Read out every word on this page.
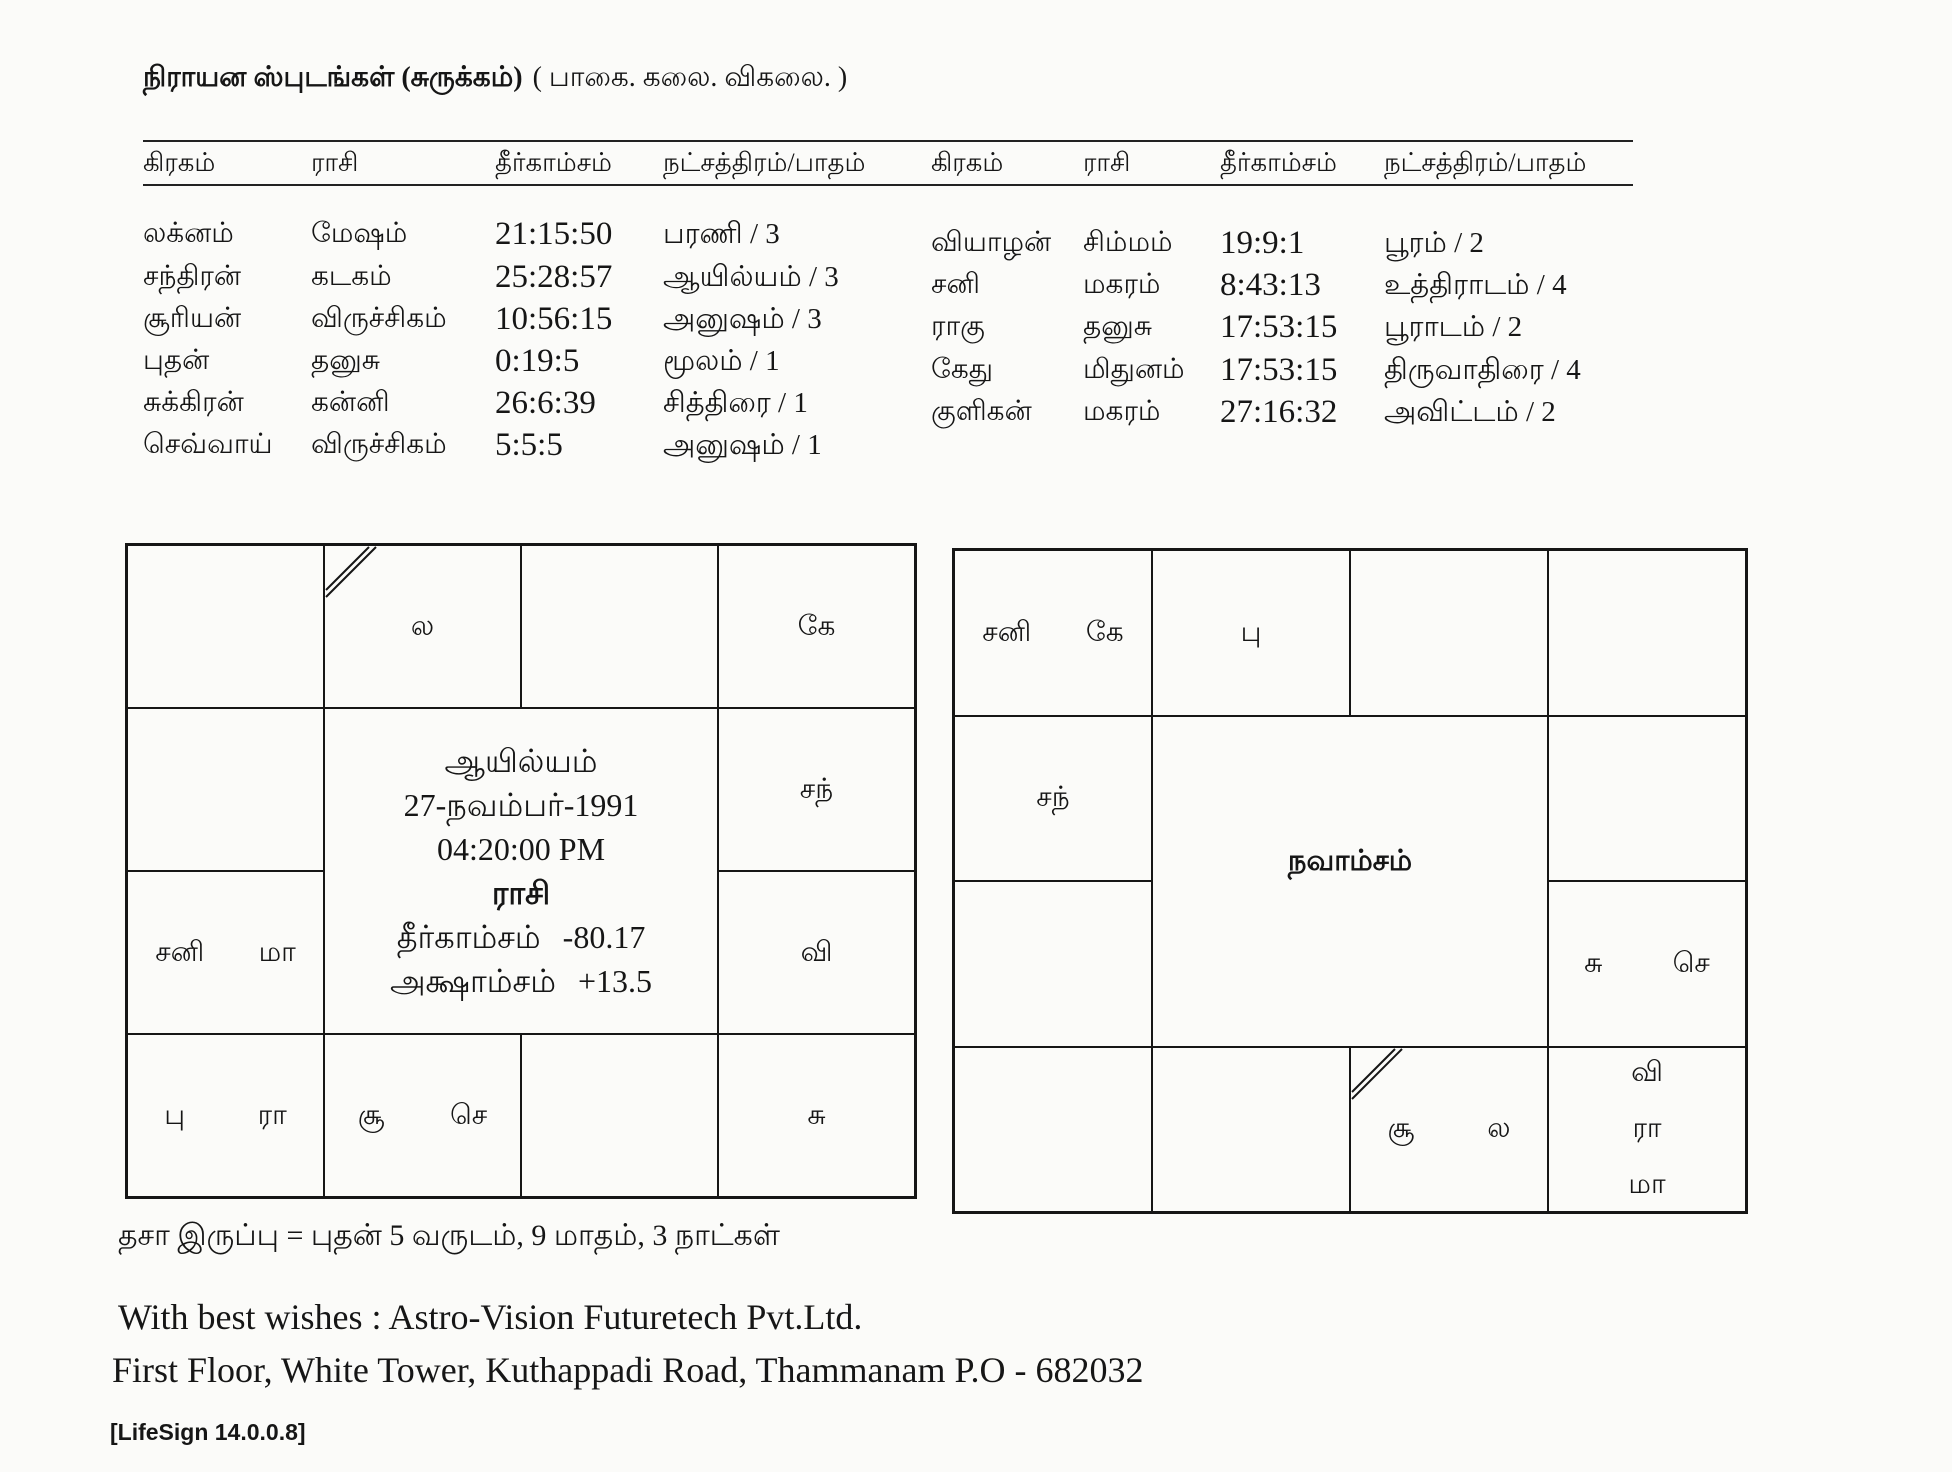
நிராயன ஸ்புடங்கள் (சுருக்கம்) ( பாகை. கலை. விகலை. )
கிரகம்	ராசி	தீர்காம்சம் நட்சத்திரம்/பாதம்	கிரகம்	ராசி	தீர்காம்சம் நட்சத்திரம்/பாதம்
லக்னம்	மேஷம்	21:15:50 பரணி / 3
சந்திரன் கடகம்	25:28:57 ஆயில்யம் / 3
சூரியன் விருச்சிகம் 10:56:15 அனுஷம் / 3
புதன்	தனுசு	0:19:5	மூலம் / 1
சுக்கிரன் கன்னி	26:6:39 சித்திரை / 1
செவ்வாய் விருச்சிகம் 5:5:5	அனுஷம் / 1
வியாழன் சிம்மம் 19:9:1	பூரம் / 2
சனி	மகரம் 8:43:13 உத்திராடம் / 4
ராகு	தனுசு 17:53:15 பூராடம் / 2
கேது	மிதுனம் 17:53:15 திருவாதிரை / 4
குளிகன் மகரம் 27:16:32 அவிட்டம் / 2
ல	கே
சந்
வி
சு
சூ செ
பு	ரா
சனி மா
ஆயில்யம்
27-நவம்பர்-1991
04:20:00 PM
ராசி
தீர்காம்சம் -80.17
அக்ஷாம்சம் +13.5
சனி கே	பு
சு	செ
வி
ரா
மா
சூ	ல
சந்
நவாம்சம்
தசா இருப்பு = புதன் 5 வருடம், 9 மாதம், 3 நாட்கள்
With best wishes : Astro-Vision Futuretech Pvt.Ltd.
First Floor, White Tower, Kuthappadi Road, Thammanam P.O - 682032
[LifeSign 14.0.0.8]
